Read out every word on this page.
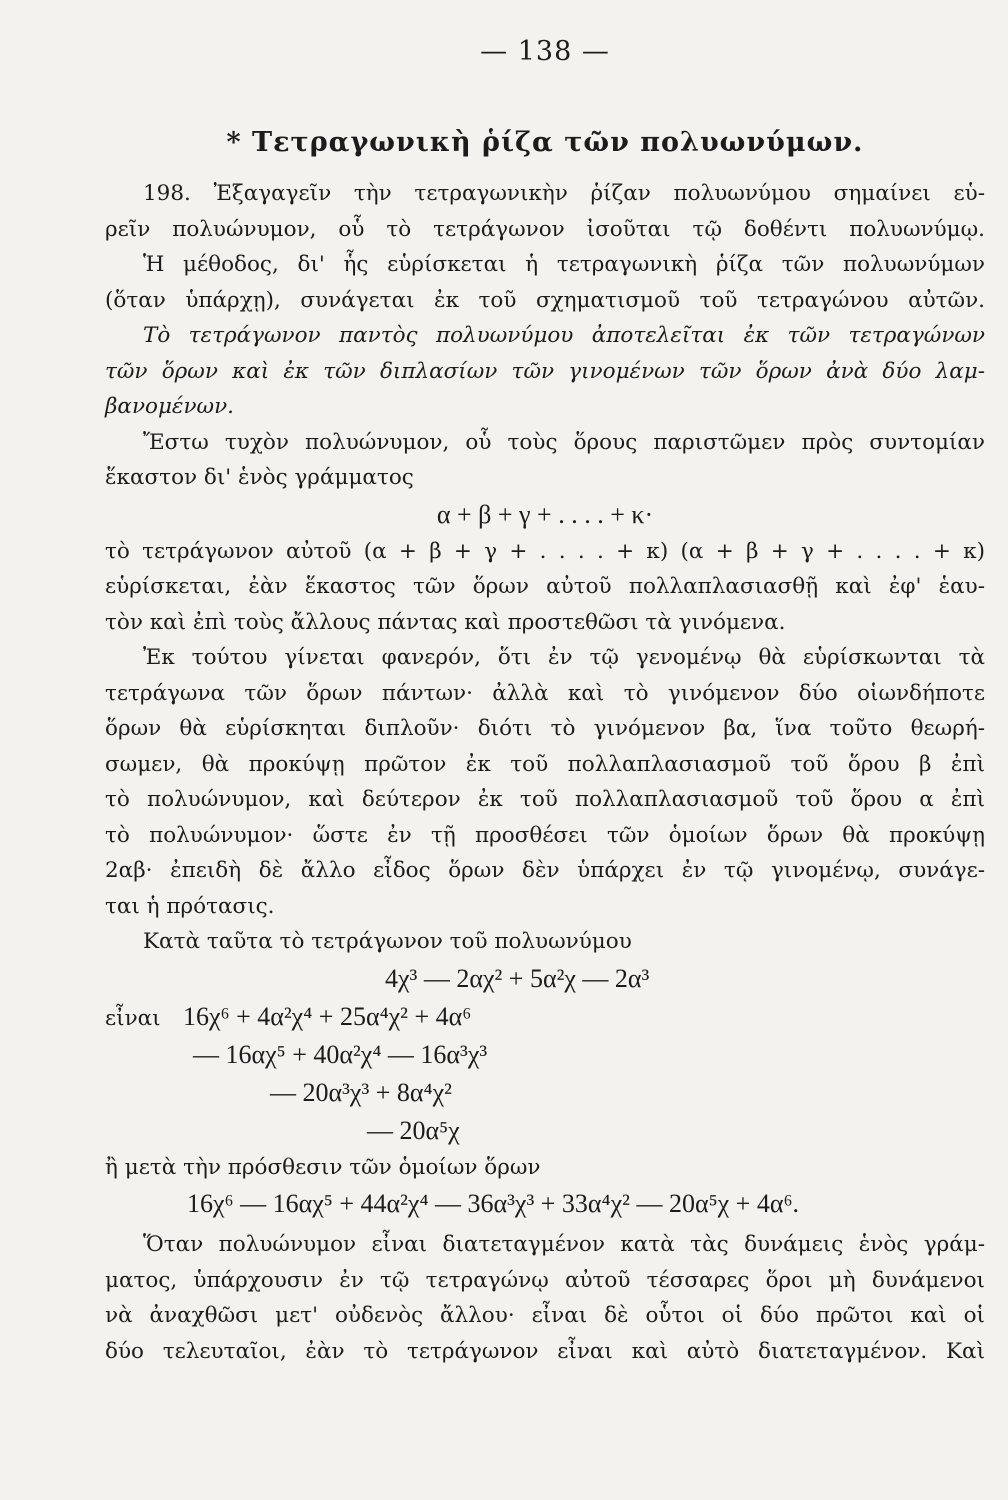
— 138 —
* Τετραγωνικὴ ῥίζα τῶν πολυωνύμων.
198. Ἐξαγαγεῖν τὴν τετραγωνικὴν ῥίζαν πολυωνύμου σημαίνει εὑ-
ρεῖν πολυώνυμον, οὗ τὸ τετράγωνον ἰσοῦται τῷ δοθέντι πολυωνύμῳ.
Ἡ μέθοδος, δι' ἧς εὑρίσκεται ἡ τετραγωνικὴ ῥίζα τῶν πολυωνύμων
(ὅταν ὑπάρχῃ), συνάγεται ἐκ τοῦ σχηματισμοῦ τοῦ τετραγώνου αὐτῶν.
Τὸ τετράγωνον παντὸς πολυωνύμου ἀποτελεῖται ἐκ τῶν τετραγώνων
τῶν ὅρων καὶ ἐκ τῶν διπλασίων τῶν γινομένων τῶν ὅρων ἀνὰ δύο λαμ-
βανομένων.
Ἔστω τυχὸν πολυώνυμον, οὗ τοὺς ὅρους παριστῶμεν πρὸς συντομίαν
ἕκαστον δι' ἑνὸς γράμματος
α + β + γ + . . . . + κ·
τὸ τετράγωνον αὐτοῦ (α + β + γ + . . . . + κ) (α + β + γ + . . . . + κ)
εὑρίσκεται, ἐὰν ἕκαστος τῶν ὅρων αὐτοῦ πολλαπλασιασθῇ καὶ ἐφ' ἑαυ-
τὸν καὶ ἐπὶ τοὺς ἄλλους πάντας καὶ προστεθῶσι τὰ γινόμενα.
Ἐκ τούτου γίνεται φανερόν, ὅτι ἐν τῷ γενομένῳ θὰ εὑρίσκωνται τὰ
τετράγωνα τῶν ὅρων πάντων· ἀλλὰ καὶ τὸ γινόμενον δύο οἱωνδήποτε
ὅρων θὰ εὑρίσκηται διπλοῦν· διότι τὸ γινόμενον βα, ἵνα τοῦτο θεωρή-
σωμεν, θὰ προκύψῃ πρῶτον ἐκ τοῦ πολλαπλασιασμοῦ τοῦ ὅρου β ἐπὶ
τὸ πολυώνυμον, καὶ δεύτερον ἐκ τοῦ πολλαπλασιασμοῦ τοῦ ὅρου α ἐπὶ
τὸ πολυώνυμον· ὥστε ἐν τῇ προσθέσει τῶν ὁμοίων ὅρων θὰ προκύψῃ
2αβ· ἐπειδὴ δὲ ἄλλο εἶδος ὅρων δὲν ὑπάρχει ἐν τῷ γινομένῳ, συνάγε-
ται ἡ πρότασις.
Κατὰ ταῦτα τὸ τετράγωνον τοῦ πολυωνύμου
4χ³ — 2αχ² + 5α²χ — 2α³
εἶναι 16χ⁶ + 4α²χ⁴ + 25α⁴χ² + 4α⁶
— 16αχ⁵ + 40α²χ⁴ — 16α³χ³
— 20α³χ³ + 8α⁴χ²
— 20α⁵χ
ἢ μετὰ τὴν πρόσθεσιν τῶν ὁμοίων ὅρων
16χ⁶ — 16αχ⁵ + 44α²χ⁴ — 36α³χ³ + 33α⁴χ² — 20α⁵χ + 4α⁶.
Ὅταν πολυώνυμον εἶναι διατεταγμένον κατὰ τὰς δυνάμεις ἑνὸς γράμ-
ματος, ὑπάρχουσιν ἐν τῷ τετραγώνῳ αὐτοῦ τέσσαρες ὅροι μὴ δυνάμενοι
νὰ ἀναχθῶσι μετ' οὐδενὸς ἄλλου· εἶναι δὲ οὗτοι οἱ δύο πρῶτοι καὶ οἱ
δύο τελευταῖοι, ἐὰν τὸ τετράγωνον εἶναι καὶ αὐτὸ διατεταγμένον. Καὶ
